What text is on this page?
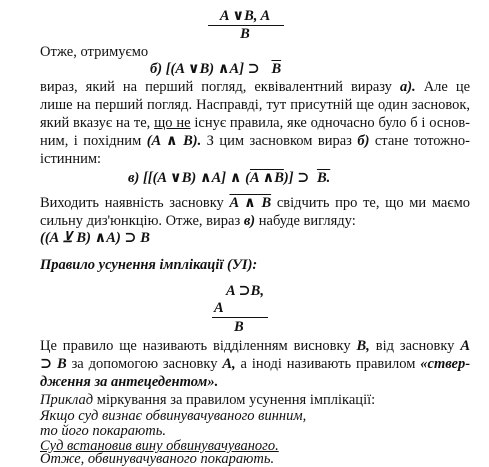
A ∨B, A
B
Отже, отримуємо
б) [(A ∨B) ∧A] ⊃ $\overline{B}$
вираз, який на перший погляд, еквівалентний виразу а). Але це
лише на перший погляд. Насправді, тут присутній ще один засновок,
який вказує на те, що не існує правила, яке одночасно було б і основ-
ним, і похідним (A ∧ B). З цим засновком вираз б) стане тотожно-
істинним:
в) [[(A ∨B) ∧A] ∧ (A ∧B)] ⊃ B.
Виходить наявність засновку A ∧ B свідчить про те, що ми маємо
сильну диз'юнкцію. Отже, вираз в) набуде вигляду:
((A ⊻ B) ∧A) ⊃ B
Правило усунення імплікації (УІ):
A ⊃B,
A
B
Це правило ще називають відділенням висновку B, від засновку A
⊃ B за допомогою засновку A, а іноді називають правилом «ствер-
дження за антецедентом».
Приклад міркування за правилом усунення імплікації:
Якщо суд визнає обвинувачуваного винним,
то його покарають.
Суд встановив вину обвинувачуваного.
Отже, обвинувачуваного покарають.
